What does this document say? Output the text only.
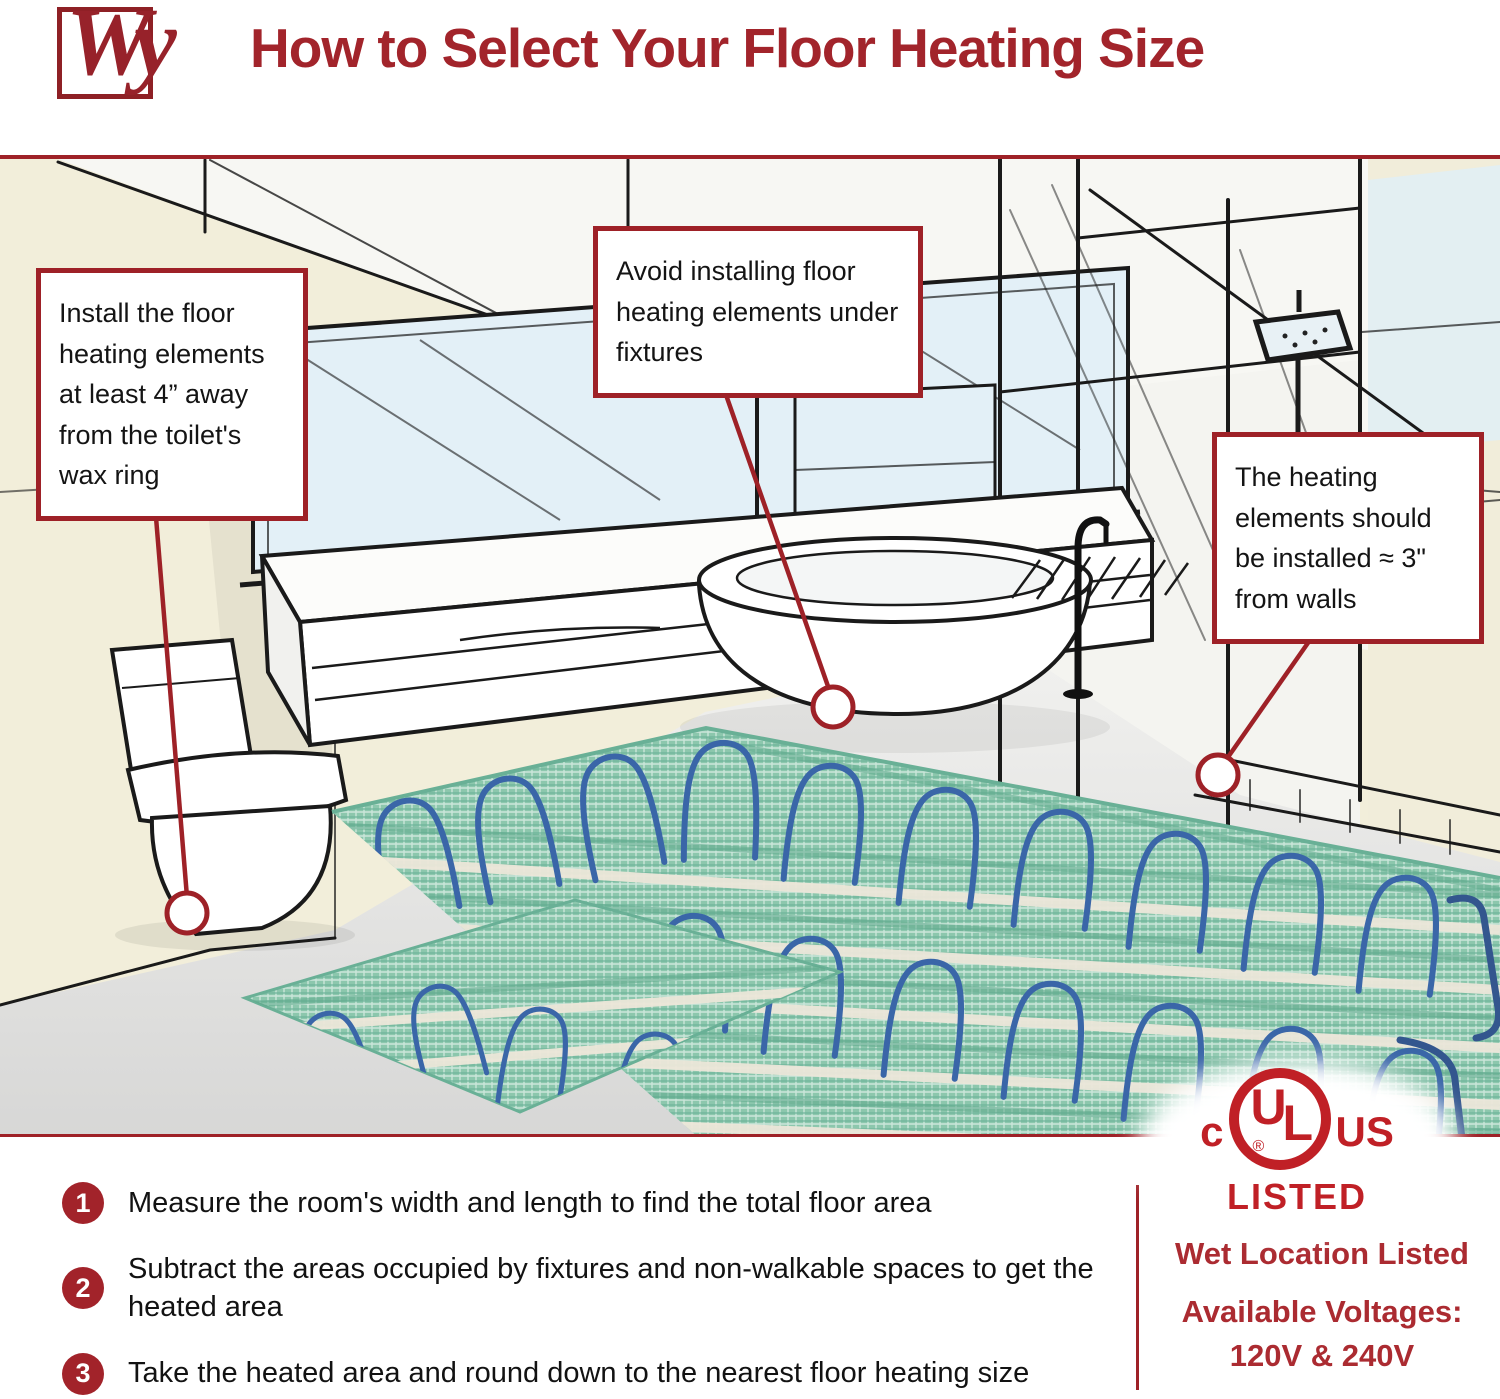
Wy How to Select Your Floor Heating Size
Install the floor heating elements at least 4” away from the toilet's wax ring
Avoid installing floor heating elements under fixtures
The heating elements should be installed ≈ 3" from walls
c U
L
® US
LISTED
1	Measure the room's width and length to find the total floor area

2

Subtract the areas occupied by fixtures and non-walkable spaces to get the heated area

3	Take the heated area and round down to the nearest floor heating size

Wet Location Listed
Available Voltages:
120V & 240V
